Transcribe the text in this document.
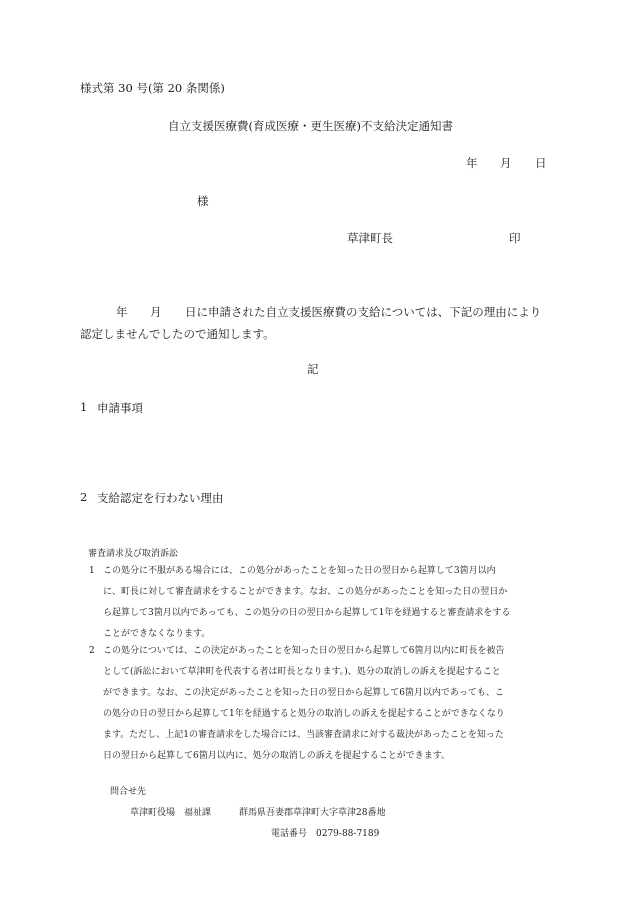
様式第 30 号(第 20 条関係)
自立支援医療費(育成医療・更生医療)不支給決定通知書
年 月 日
様
草津町長	印
年 月 日に申請された自立支援医療費の支給については、下記の理由により
認定しませんでしたので通知します。
記
1 申請事項
2 支給認定を行わない理由
審査請求及び取消訴訟
1 この処分に不服がある場合には、この処分があったことを知った日の翌日から起算して3箇月以内
に、町長に対して審査請求をすることができます。なお、この処分があったことを知った日の翌日か
ら起算して3箇月以内であっても、この処分の日の翌日から起算して1年を経過すると審査請求をする
ことができなくなります。
2 この処分については、この決定があったことを知った日の翌日から起算して6箇月以内に町長を被告
として(訴訟において草津町を代表する者は町長となります。)、処分の取消しの訴えを提起すること
ができます。なお、この決定があったことを知った日の翌日から起算して6箇月以内であっても、こ
の処分の日の翌日から起算して1年を経過すると処分の取消しの訴えを提起することができなくなり
ます。ただし、上記1の審査請求をした場合には、当該審査請求に対する裁決があったことを知った
日の翌日から起算して6箇月以内に、処分の取消しの訴えを提起することができます。
問合せ先
草津町役場 福祉課	群馬県吾妻郡草津町大字草津28番地
電話番号　0279-88-7189
